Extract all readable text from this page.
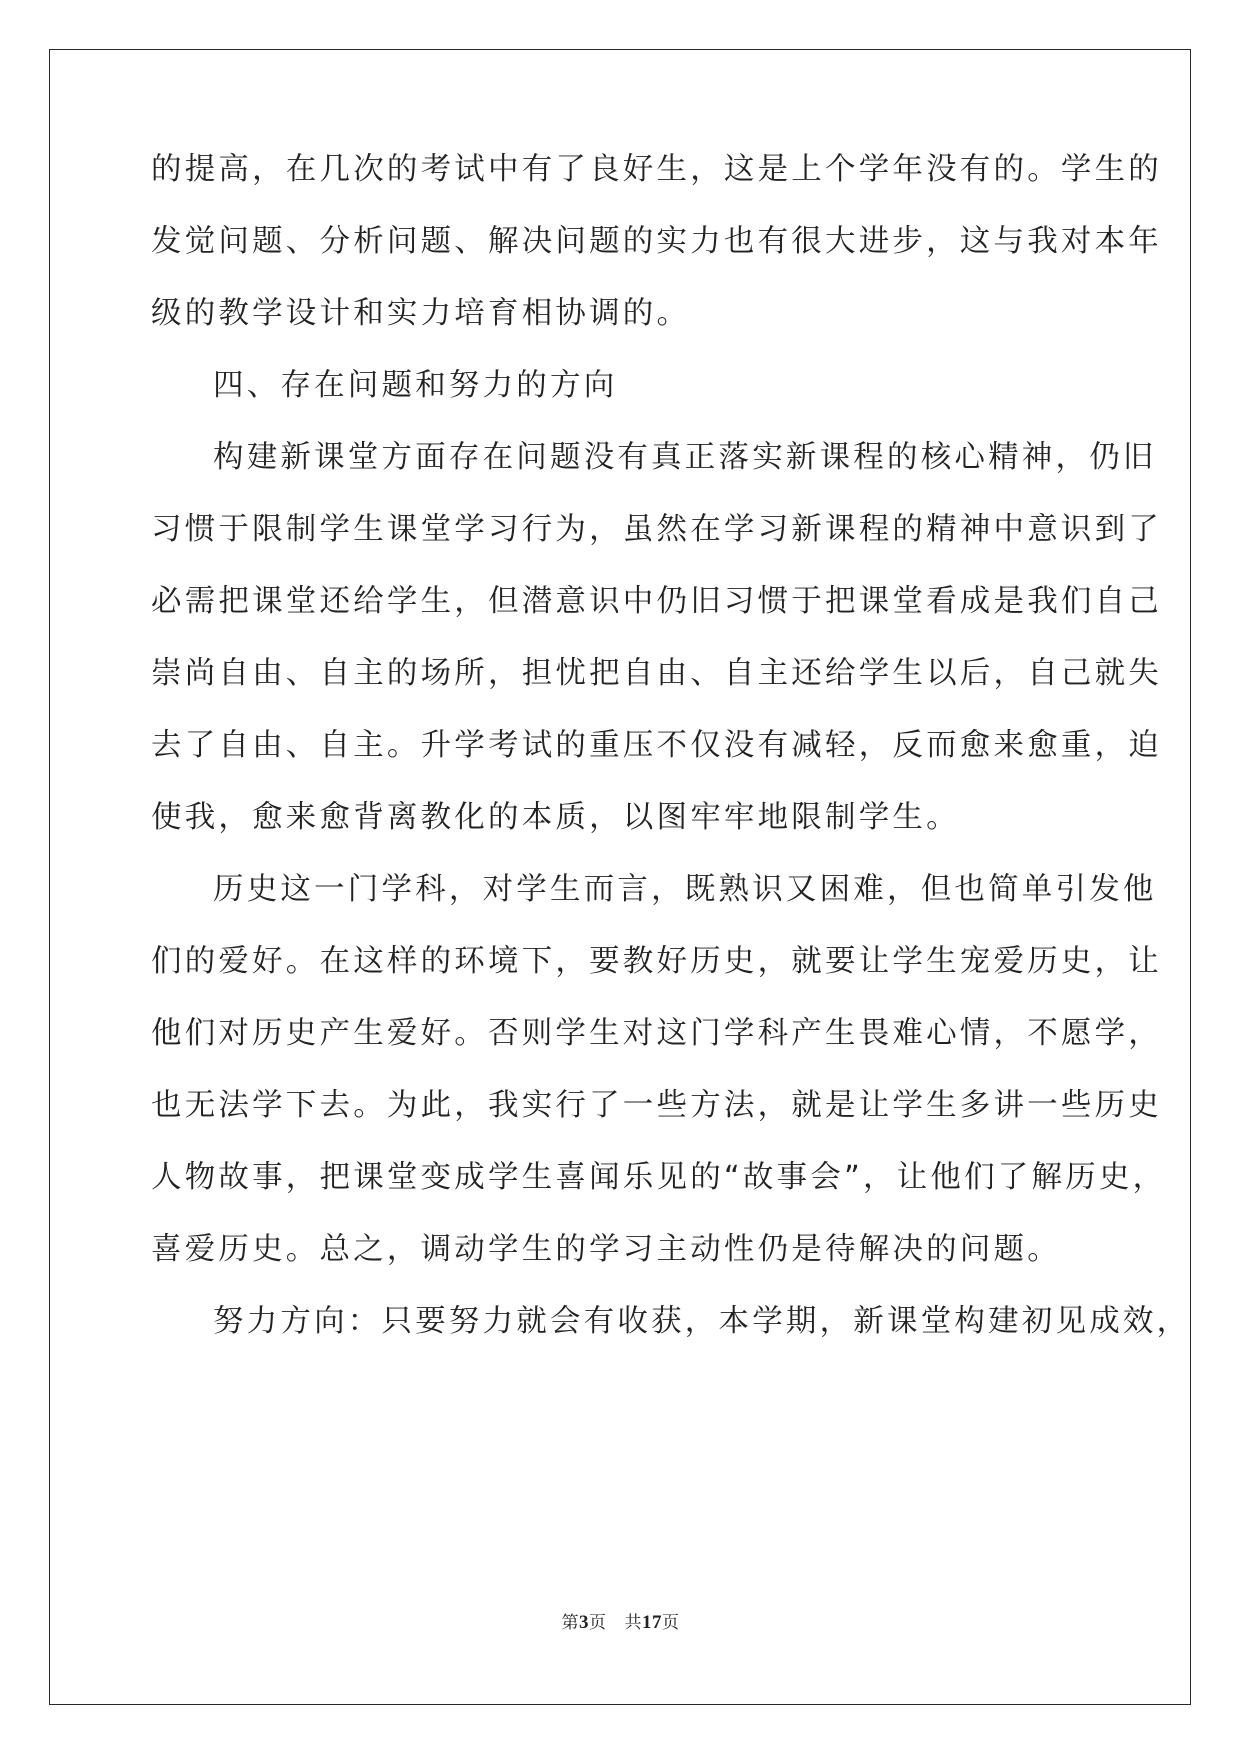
的提高，在几次的考试中有了良好生，这是上个学年没有的。学生的
发觉问题、分析问题、解决问题的实力也有很大进步，这与我对本年
级的教学设计和实力培育相协调的。
四、存在问题和努力的方向
构建新课堂方面存在问题没有真正落实新课程的核心精神，仍旧
习惯于限制学生课堂学习行为，虽然在学习新课程的精神中意识到了
必需把课堂还给学生，但潜意识中仍旧习惯于把课堂看成是我们自己
崇尚自由、自主的场所，担忧把自由、自主还给学生以后，自己就失
去了自由、自主。升学考试的重压不仅没有减轻，反而愈来愈重，迫
使我，愈来愈背离教化的本质，以图牢牢地限制学生。
历史这一门学科，对学生而言，既熟识又困难，但也简单引发他
们的爱好。在这样的环境下，要教好历史，就要让学生宠爱历史，让
他们对历史产生爱好。否则学生对这门学科产生畏难心情，不愿学，
也无法学下去。为此，我实行了一些方法，就是让学生多讲一些历史
人物故事，把课堂变成学生喜闻乐见的“故事会”，让他们了解历史，
喜爱历史。总之，调动学生的学习主动性仍是待解决的问题。
努力方向：只要努力就会有收获，本学期，新课堂构建初见成效，
第3页 共17页
